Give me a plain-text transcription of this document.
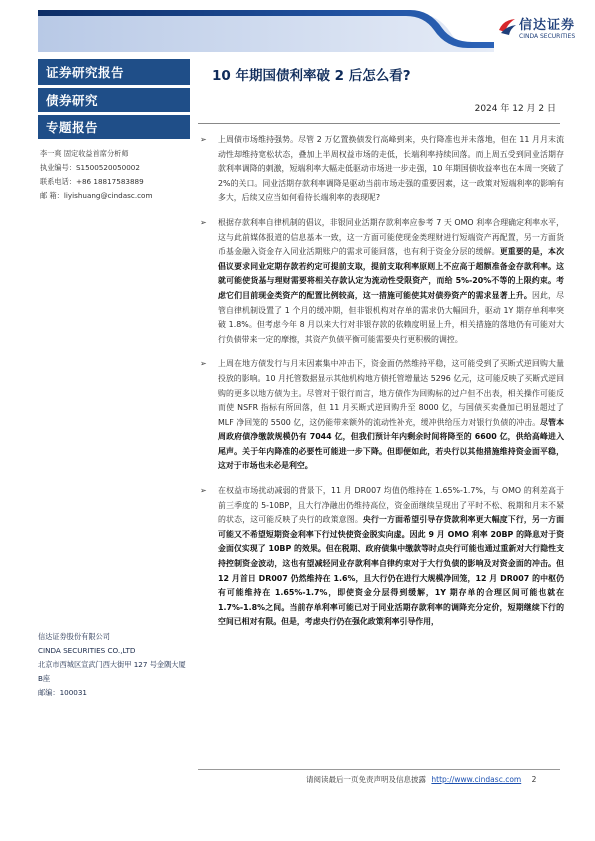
信达证券
CINDA SECURITIES
证券研究报告
债券研究
专题报告
李一爽 固定收益首席分析师
执业编号：S1500520050002
联系电话：+86 18817583889
邮 箱：liyishuang@cindasc.com
信达证券股份有限公司
CINDA SECURITIES CO.,LTD
北京市西城区宣武门西大街甲 127 号金隅大厦B座
邮编：100031
10 年期国债利率破 2 后怎么看?
2024 年 12 月 2 日
➢ 上周债市场维持强势。尽管 2 万亿置换债发行高峰到来，央行降准也并未落地，但在 11 月月末流动性却维持宽松状态，叠加上半周权益市场的走低，长端利率持续回落。而上周五受到同业活期存款利率调降的刺激，短端利率大幅走低驱动市场进一步走强，10 年期国债收益率也在本周一突破了 2%的关口。同业活期存款利率调降是驱动当前市场走强的重要因素，这一政策对短端利率的影响有多大，后续又应当如何看待长端利率的表现呢?
➢ 根据存款利率自律机制的倡议，非银同业活期存款利率应参考 7 天 OMO 利率合理确定利率水平，这与此前媒体报道的信息基本一致，这一方面可能使现金类理财进行短端资产再配置，另一方面货币基金融入资金存入同业活期账户的需求可能回落，也有利于资金分层的缓解。更重要的是，本次倡议要求同业定期存款若约定可提前支取，提前支取利率原则上不应高于超额准备金存款利率。这就可能使货基与理财需要将相关存款认定为流动性受限资产，而给 5%-20%不等的上限约束。考虑它们目前现金类资产的配置比例较高，这一措施可能使其对债券资产的需求显著上升。因此，尽管自律机制设置了 1 个月的缓冲期，但非银机构对存单的需求仍大幅回升，驱动 1Y 期存单利率突破 1.8%。但考虑今年 8 月以来大行对非银存款的依赖度明显上升，相关措施的落地仍有可能对大行负债带来一定的摩擦，其资产负债平衡可能需要央行更积极的调控。
➢ 上周在地方债发行与月末因素集中冲击下，资金面仍然维持平稳，这可能受到了买断式逆回购大量投放的影响。10 月托管数据显示其他机构地方债托管增量达 5296 亿元，这可能反映了买断式逆回购的更多以地方债为主。尽管对于银行而言，地方债作为回购标的过户但不出表，相关操作可能反而使 NSFR 指标有所回落，但 11 月买断式逆回购升至 8000 亿，与国债买卖叠加已明显超过了 MLF 净回笼的 5500 亿，这仍能带来额外的流动性补充，缓冲供给压力对银行负债的冲击。尽管本周政府债净缴款规模仍有 7044 亿，但我们预计年内剩余时间将降至的 6600 亿，供给高峰进入尾声。关于年内降准的必要性可能进一步下降。但即便如此，若央行以其他措施维持资金面平稳，这对于市场也未必是利空。
➢ 在权益市场扰动减弱的背景下，11 月 DR007 均值仍维持在 1.65%-1.7%，与 OMO 的利差高于前三季度的 5-10BP，且大行净融出仍维持高位，资金面继续呈现出了平时不松、税期和月末不紧的状态，这可能反映了央行的政策意图。央行一方面希望引导存贷款利率更大幅度下行，另一方面可能又不希望短期资金利率下行过快使资金脱实向虚。因此 9 月 OMO 利率 20BP 的降息对于资金面仅实现了 10BP 的效果。但在税期、政府债集中缴款等时点央行可能也通过重新对大行隐性支持控制资金波动，这也有望减轻同业存款利率自律约束对于大行负债的影响及对资金面的冲击。但 12 月首日 DR007 仍然维持在 1.6%，且大行仍在进行大规模净回笼，12 月 DR007 的中枢仍有可能维持在 1.65%-1.7%，即使资金分层得到缓解，1Y 期存单的合理区间可能也就在 1.7%-1.8%之间。当前存单利率可能已对于同业活期存款利率的调降充分定价，短期继续下行的空间已相对有限。但是，考虑央行仍在强化政策利率引导作用，
请阅读最后一页免责声明及信息披露 http://www.cindasc.com 2
